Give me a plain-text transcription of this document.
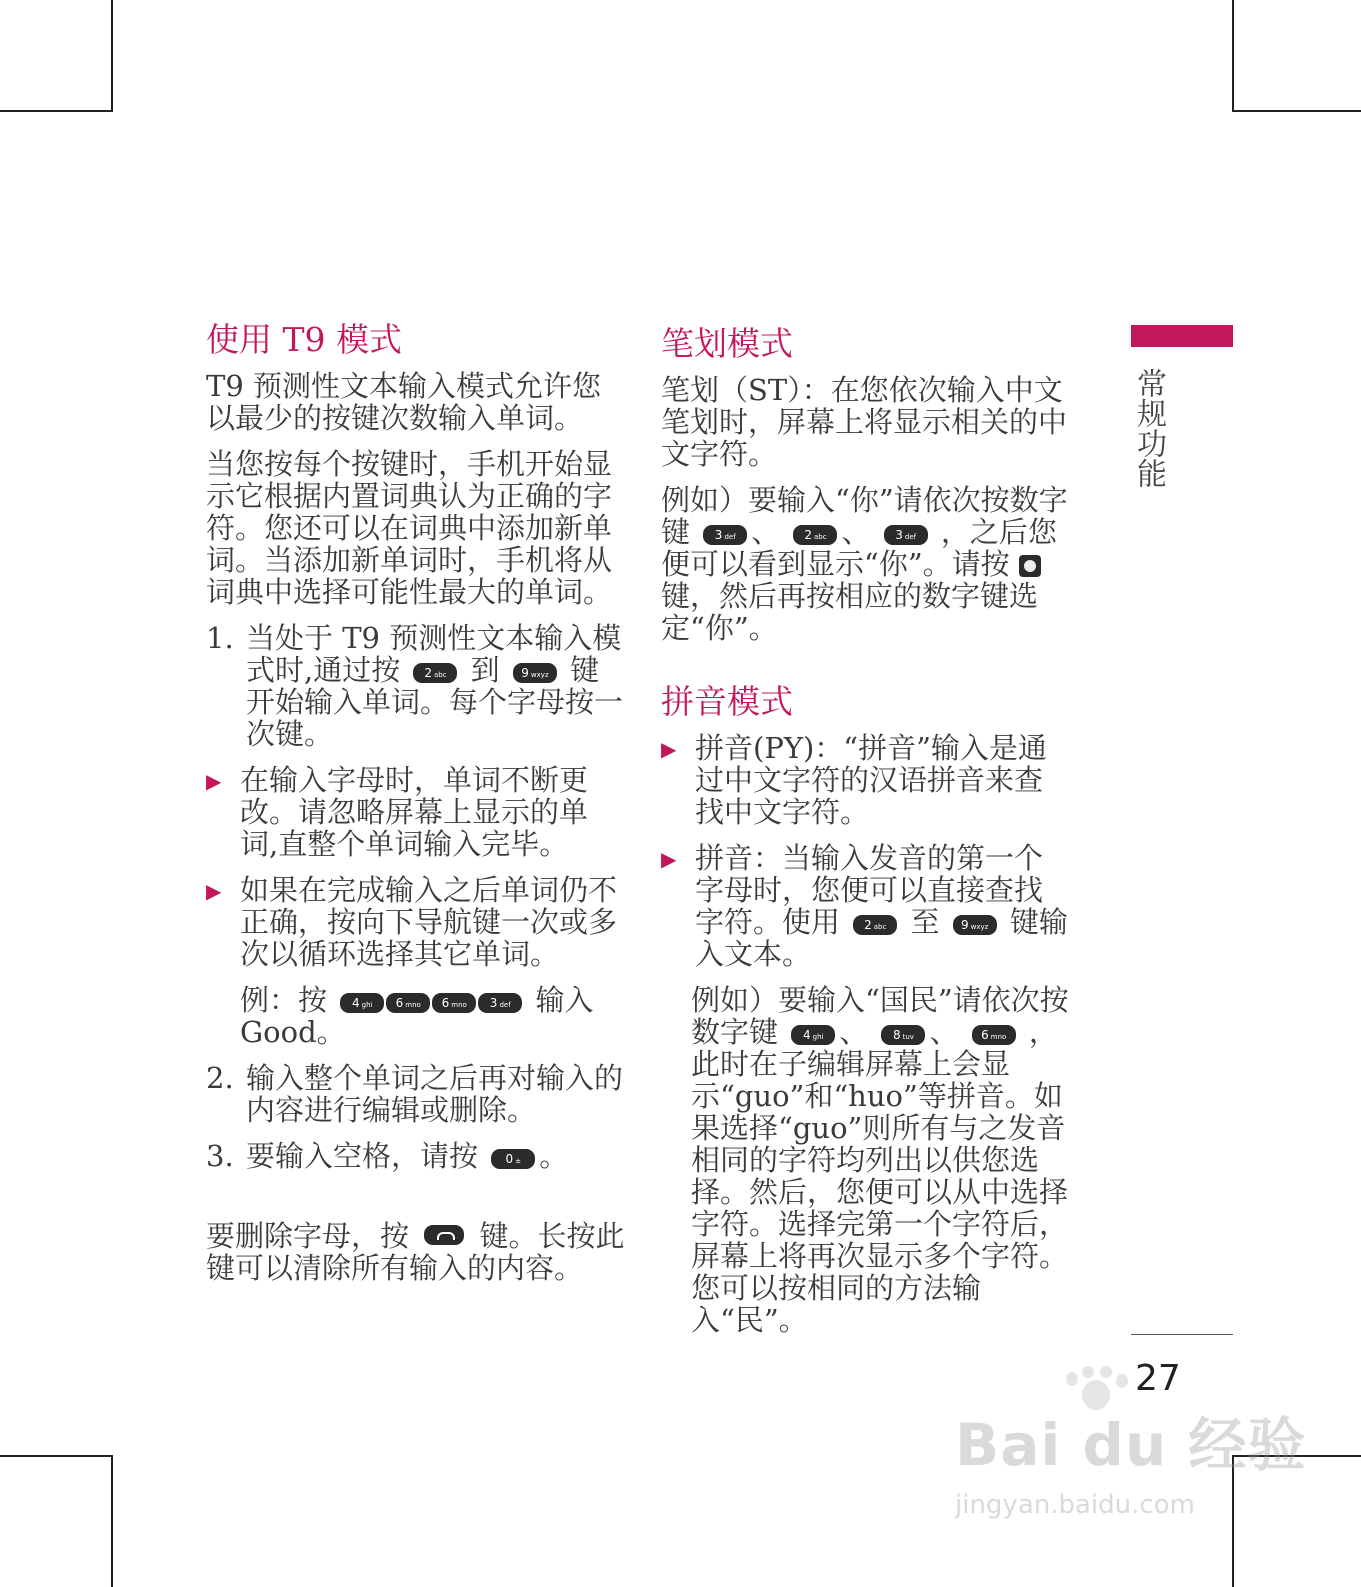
使用 T9 模式

T9 预测性文本输入模式允许您以最少的按键次数输入单词。

当您按每个按键时，手机开始显示它根据内置词典认为正确的字符。您还可以在词典中添加新单词。当添加新单词时，手机将从词典中选择可能性最大的单词。

1. 当处于 T9 预测性文本输入模式时,通过按 2 abc 到 9 wxyz 键开始输入单词。每个字母按一次键。
▶ 在输入字母时，单词不断更改。请忽略屏幕上显示的单词,直整个单词输入完毕。
▶ 如果在完成输入之后单词仍不正确，按向下导航键一次或多次以循环选择其它单词。
例：按 4 ghi 6 mno 6 mno 3 def 输入 Good。
2. 输入整个单词之后再对输入的内容进行编辑或删除。
3. 要输入空格，请按 0 ± 。

要删除字母，按 键。长按此键可以清除所有输入的内容。

笔划模式

笔划（ST）：在您依次输入中文笔划时，屏幕上将显示相关的中文字符。

例如）要输入“你”请依次按数字键 3 def 、 2 abc 、 3 def ，之后您便可以看到显示“你”。请按 键，然后再按相应的数字键选定“你”。

拼音模式
▶ 拼音(PY)：“拼音”输入是通过中文字符的汉语拼音来查找中文字符。
▶ 拼音：当输入发音的第一个字母时，您便可以直接查找字符。使用 2 abc 至 9 wxyz 键输入文本。
例如）要输入“国民”请依次按数字键 4 ghi 、 8 tuv 、 6 mno ，此时在子编辑屏幕上会显示“guo”和“huo”等拼音。如果选择“guo”则所有与之发音相同的字符均列出以供您选择。然后，您便可以从中选择字符。选择完第一个字符后，屏幕上将再次显示多个字符。您可以按相同的方法输入“民”。
常规功能
27
Bai du 经验
jingyan.baidu.com
